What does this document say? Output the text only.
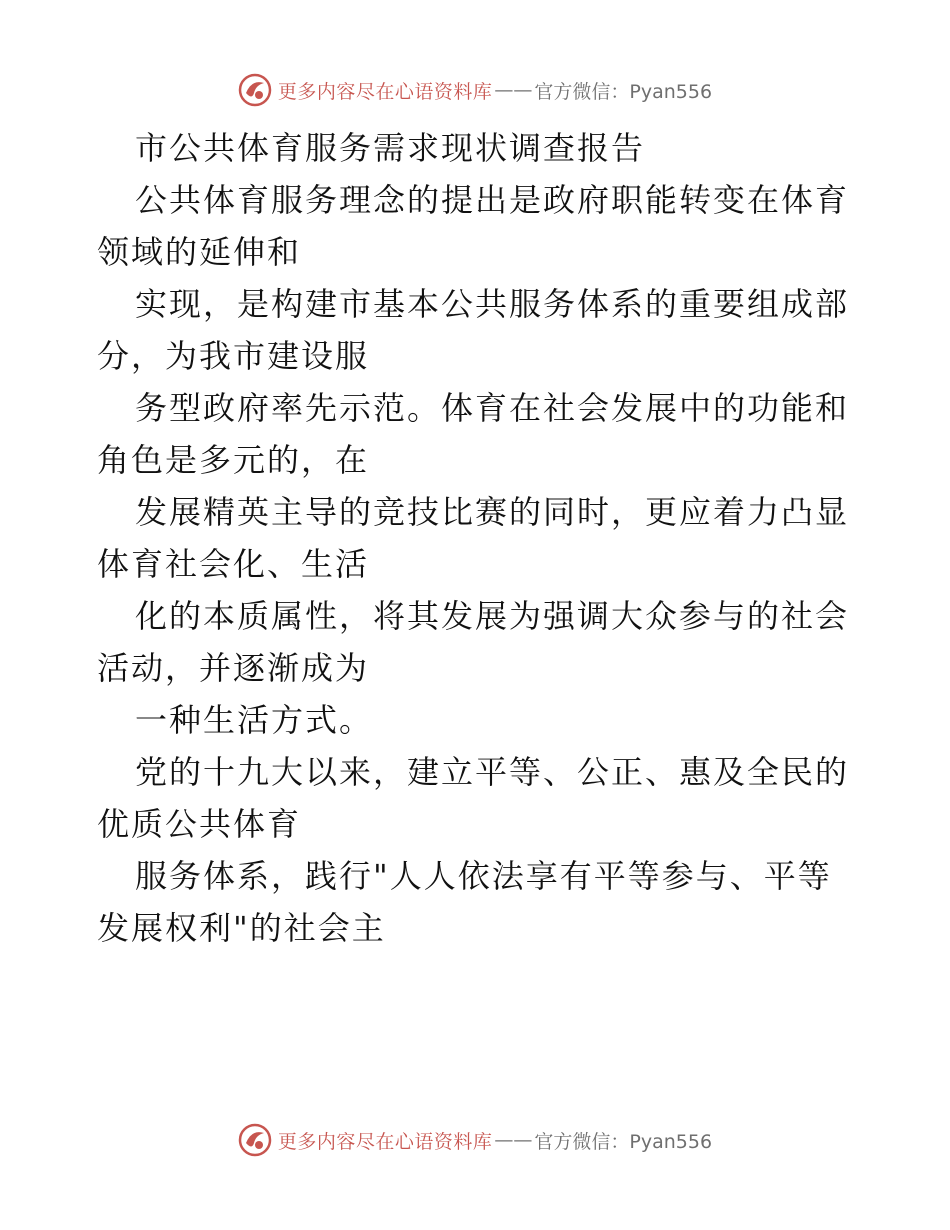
更多内容尽在心语资料库 —— 官方微信：Pyan556
市公共体育服务需求现状调查报告
公共体育服务理念的提出是政府职能转变在体育
领域的延伸和
实现，是构建市基本公共服务体系的重要组成部
分，为我市建设服
务型政府率先示范。体育在社会发展中的功能和
角色是多元的，在
发展精英主导的竞技比赛的同时，更应着力凸显
体育社会化、生活
化的本质属性，将其发展为强调大众参与的社会
活动，并逐渐成为
一种生活方式。
党的十九大以来，建立平等、公正、惠及全民的
优质公共体育
服务体系，践行"人人依法享有平等参与、平等
发展权利"的社会主
更多内容尽在心语资料库 —— 官方微信：Pyan556
